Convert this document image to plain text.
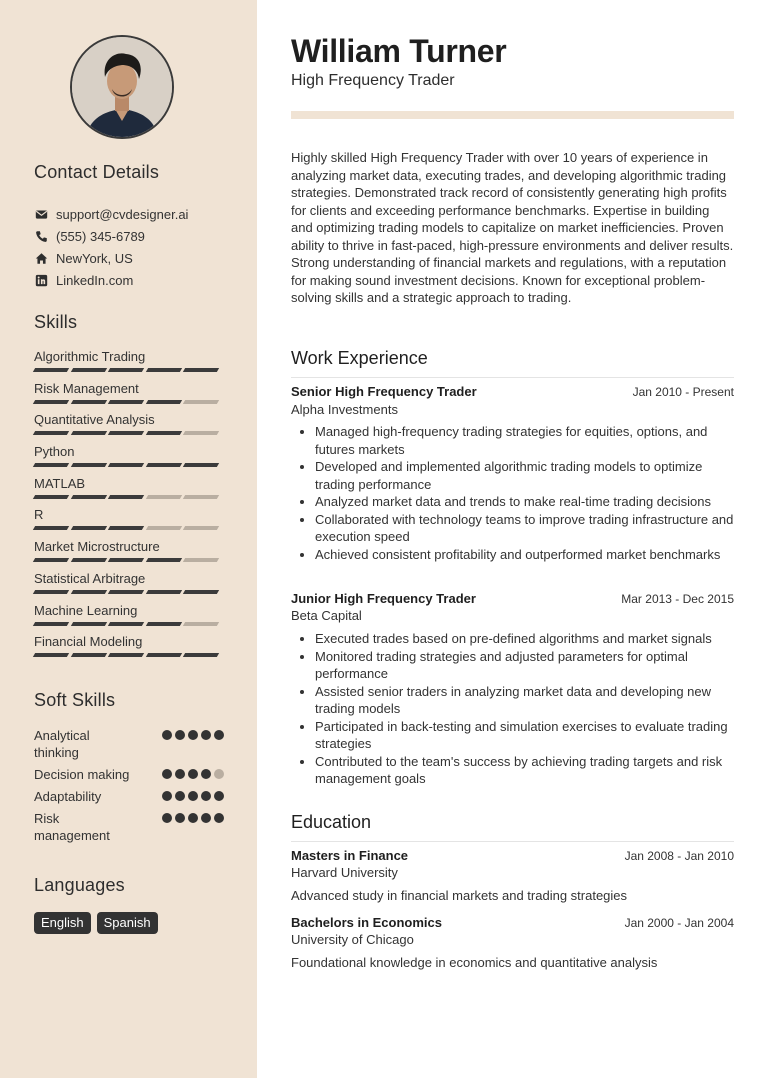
Contact Details
support@cvdesigner.ai
(555) 345-6789
NewYork, US
LinkedIn.com
Skills
Algorithmic Trading
Risk Management
Quantitative Analysis
Python
MATLAB
R
Market Microstructure
Statistical Arbitrage
Machine Learning
Financial Modeling
Soft Skills
Analytical thinking
Decision making
Adaptability
Risk management
Languages
English	Spanish
William Turner
High Frequency Trader
Highly skilled High Frequency Trader with over 10 years of experience in analyzing market data, executing trades, and developing algorithmic trading strategies. Demonstrated track record of consistently generating high profits for clients and exceeding performance benchmarks. Expertise in building and optimizing trading models to capitalize on market inefficiencies. Proven ability to thrive in fast-paced, high-pressure environments and deliver results. Strong understanding of financial markets and regulations, with a reputation for making sound investment decisions. Known for exceptional problem-solving skills and a strategic approach to trading.
Work Experience
Senior High Frequency Trader	Jan 2010 - Present
Alpha Investments
• Managed high-frequency trading strategies for equities, options, and futures markets
• Developed and implemented algorithmic trading models to optimize trading performance
• Analyzed market data and trends to make real-time trading decisions
• Collaborated with technology teams to improve trading infrastructure and execution speed
• Achieved consistent profitability and outperformed market benchmarks
Junior High Frequency Trader	Mar 2013 - Dec 2015
Beta Capital
• Executed trades based on pre-defined algorithms and market signals
• Monitored trading strategies and adjusted parameters for optimal performance
• Assisted senior traders in analyzing market data and developing new trading models
• Participated in back-testing and simulation exercises to evaluate trading strategies
• Contributed to the team's success by achieving trading targets and risk management goals
Education
Masters in Finance	Jan 2008 - Jan 2010
Harvard University
Advanced study in financial markets and trading strategies
Bachelors in Economics	Jan 2000 - Jan 2004
University of Chicago
Foundational knowledge in economics and quantitative analysis
